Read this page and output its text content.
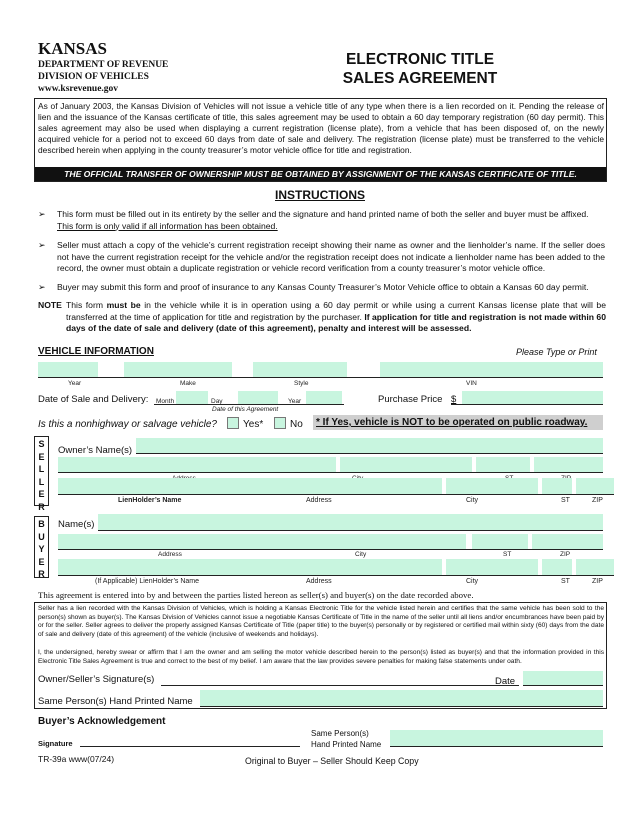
KANSAS
DEPARTMENT OF REVENUE
DIVISION OF VEHICLES
www.ksrevenue.gov
ELECTRONIC TITLE
SALES AGREEMENT
As of January 2003, the Kansas Division of Vehicles will not issue a vehicle title of any type when there is a lien recorded on it. Pending the release of lien and the issuance of the Kansas certificate of title, this sales agreement may be used to obtain a 60 day temporary registration (60 day permit). This sales agreement may also be used when displaying a current registration (license plate), from a vehicle that has been disposed of, on the newly acquired vehicle for a period not to exceed 60 days from date of sale and delivery. The registration (license plate) must be transferred to the vehicle described herein when applying in the county treasurer’s motor vehicle office for title and registration.
THE OFFICIAL TRANSFER OF OWNERSHIP MUST BE OBTAINED BY ASSIGNMENT OF THE KANSAS CERTIFICATE OF TITLE.
INSTRUCTIONS
➢ This form must be filled out in its entirety by the seller and the signature and hand printed name of both the seller and buyer must be affixed.
This form is only valid if all information has been obtained.
➢ Seller must attach a copy of the vehicle’s current registration receipt showing their name as owner and the lienholder’s name. If the seller does not have the current registration receipt for the vehicle and/or the registration receipt does not indicate a lienholder name has been added to the record, the owner must obtain a duplicate registration or vehicle record verification from a county treasurer’s motor vehicle office.
➢ Buyer may submit this form and proof of insurance to any Kansas County Treasurer’s Motor Vehicle office to obtain a Kansas 60 day permit.
NOTE This form must be in the vehicle while it is in operation using a 60 day permit or while using a current Kansas license plate that will be transferred at the time of application for title and registration by the purchaser. If application for title and registration is not made within 60 days of the date of sale and delivery (date of this agreement), penalty and interest will be assessed.
VEHICLE INFORMATION	Please Type or Print
Year	Make	Style	VIN
Date of Sale and Delivery: Month	Day	Year
Date of this Agreement
Purchase Price $
Is this a nonhighway or salvage vehicle?	Yes*	No	* If Yes, vehicle is NOT to be operated on public roadway.
S E L L E R
Owner’s Name(s)
LienHolder’s Name	Address	City	ST	ZIP
B U Y E R
Name(s)
Address	City	ST	ZIP
(If Applicable) LienHolder’s Name	Address	City	ST	ZIP
This agreement is entered into by and between the parties listed hereon as seller(s) and buyer(s) on the date recorded above.
Seller has a lien recorded with the Kansas Division of Vehicles, which is holding a Kansas Electronic Title for the vehicle listed herein and certifies that the same vehicle has been sold to the person(s) shown as buyer(s). The Kansas Division of Vehicles cannot issue a negotiable Kansas Certificate of Title in the name of the seller until all liens and/or encumbrances have been paid by or for the seller. Seller agrees to deliver the properly assigned Kansas Certificate of Title (paper title) to the buyer(s) personally or by registered or certified mail within sixty (60) days from the date of sale and delivery (date of this agreement) of the vehicle (inclusive of weekends and holidays).
I, the undersigned, hereby swear or affirm that I am the owner and am selling the motor vehicle described herein to the person(s) listed as buyer(s) and that the information provided in this Electronic Title Sales Agreement is true and correct to the best of my belief. I am aware that the law provides severe penalties for making false statements under oath.
Owner/Seller’s Signature(s)	Date
Same Person(s) Hand Printed Name
Buyer’s Acknowledgement
Signature
Same Person(s)
Hand Printed Name
TR-39a www(07/24)	Original to Buyer – Seller Should Keep Copy
